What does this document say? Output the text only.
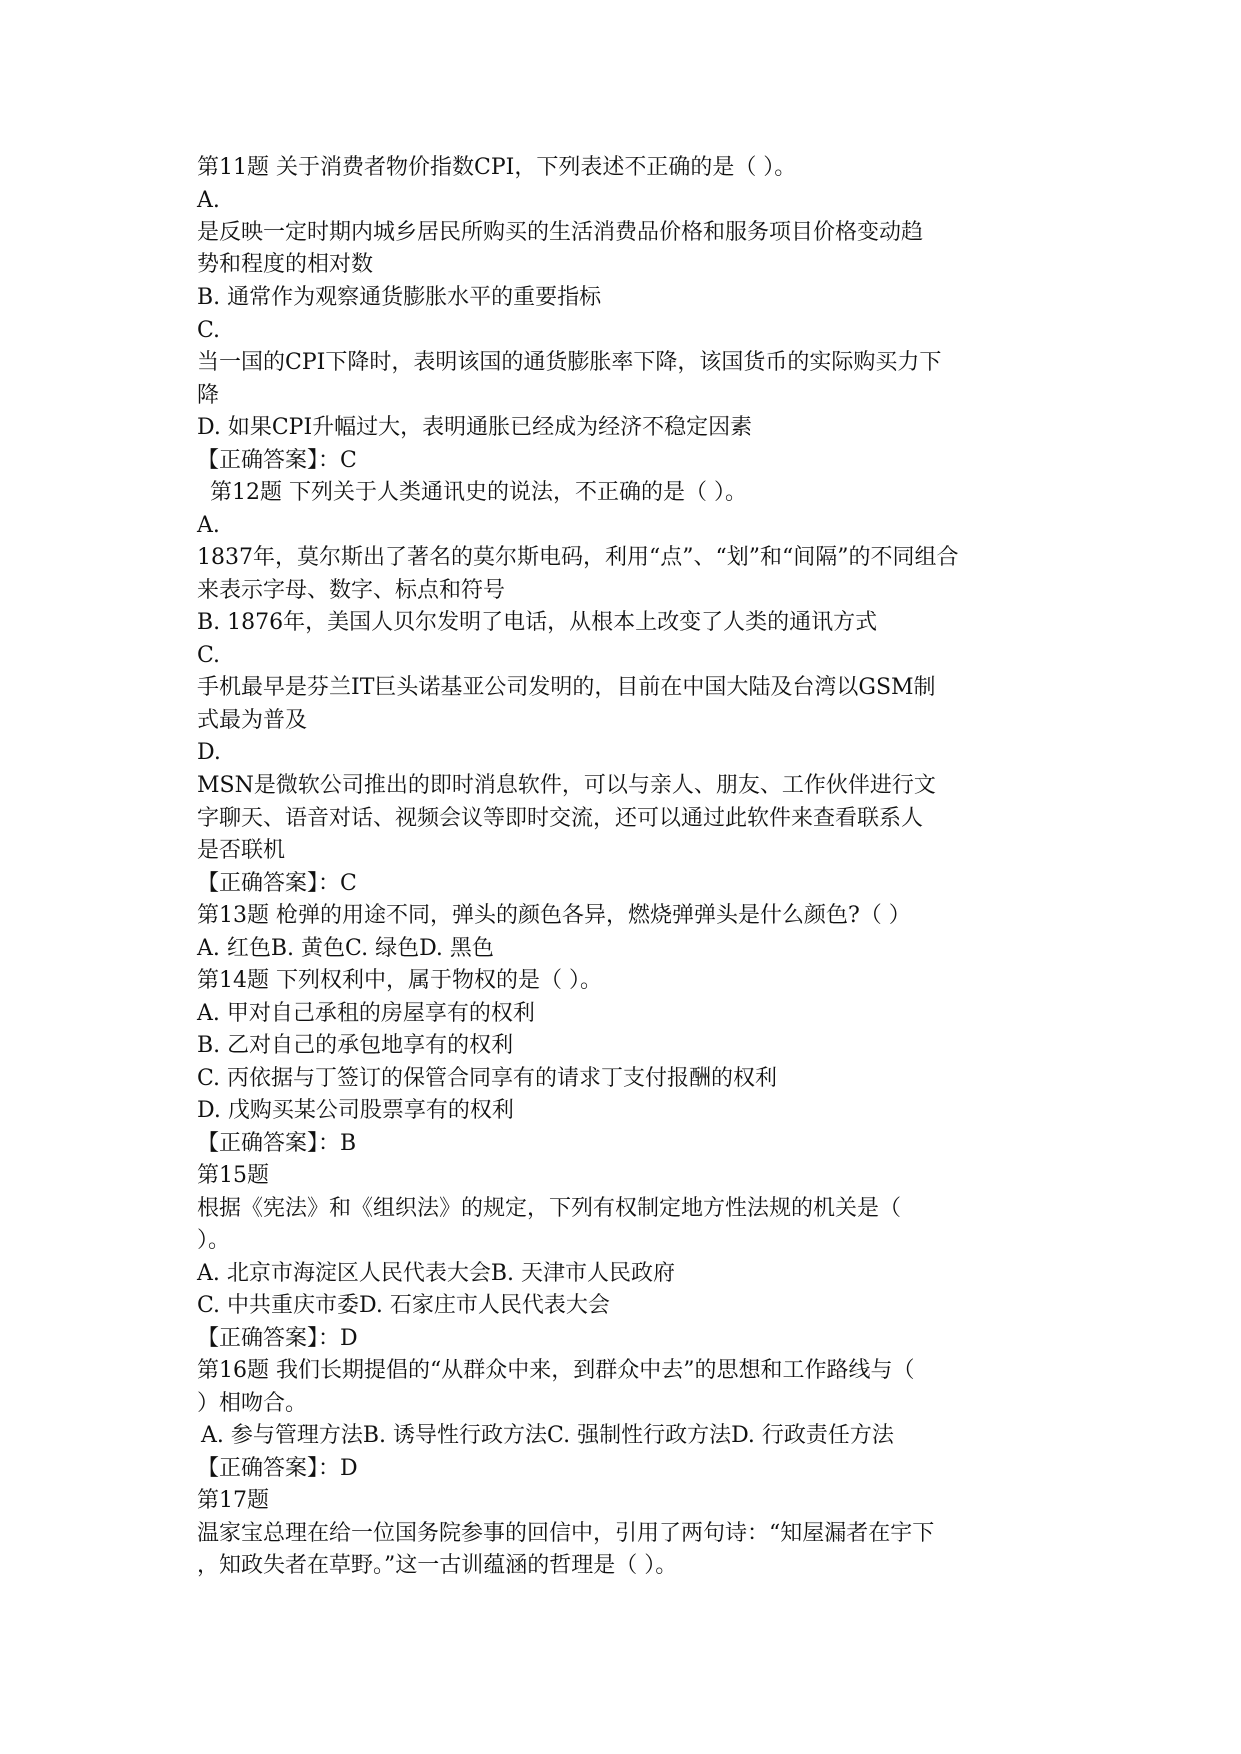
第11题 关于消费者物价指数CPI，下列表述不正确的是（ ）。

A.

是反映一定时期内城乡居民所购买的生活消费品价格和服务项目价格变动趋

势和程度的相对数

B. 通常作为观察通货膨胀水平的重要指标

C.

当一国的CPI下降时，表明该国的通货膨胀率下降，该国货币的实际购买力下

降

D. 如果CPI升幅过大，表明通胀已经成为经济不稳定因素

【正确答案】：C

第12题 下列关于人类通讯史的说法，不正确的是（ ）。

A.

1837年，莫尔斯出了著名的莫尔斯电码，利用“点”、“划”和“间隔”的不同组合

来表示字母、数字、标点和符号

B. 1876年，美国人贝尔发明了电话，从根本上改变了人类的通讯方式

C.

手机最早是芬兰IT巨头诺基亚公司发明的，目前在中国大陆及台湾以GSM制

式最为普及

D.

MSN是微软公司推出的即时消息软件，可以与亲人、朋友、工作伙伴进行文

字聊天、语音对话、视频会议等即时交流，还可以通过此软件来查看联系人

是否联机

【正确答案】：C

第13题 枪弹的用途不同，弹头的颜色各异，燃烧弹弹头是什么颜色?（ ）

A. 红色B. 黄色C. 绿色D. 黑色

第14题 下列权利中，属于物权的是（ ）。

A. 甲对自己承租的房屋享有的权利

B. 乙对自己的承包地享有的权利

C. 丙依据与丁签订的保管合同享有的请求丁支付报酬的权利

D. 戊购买某公司股票享有的权利

【正确答案】：B

第15题

根据《宪法》和《组织法》的规定，下列有权制定地方性法规的机关是（

）。

A. 北京市海淀区人民代表大会B. 天津市人民政府

C. 中共重庆市委D. 石家庄市人民代表大会

【正确答案】：D

第16题 我们长期提倡的“从群众中来，到群众中去”的思想和工作路线与（

）相吻合。

A. 参与管理方法B. 诱导性行政方法C. 强制性行政方法D. 行政责任方法

【正确答案】：D

第17题

温家宝总理在给一位国务院参事的回信中，引用了两句诗：“知屋漏者在宇下

，知政失者在草野。”这一古训蕴涵的哲理是（ ）。
